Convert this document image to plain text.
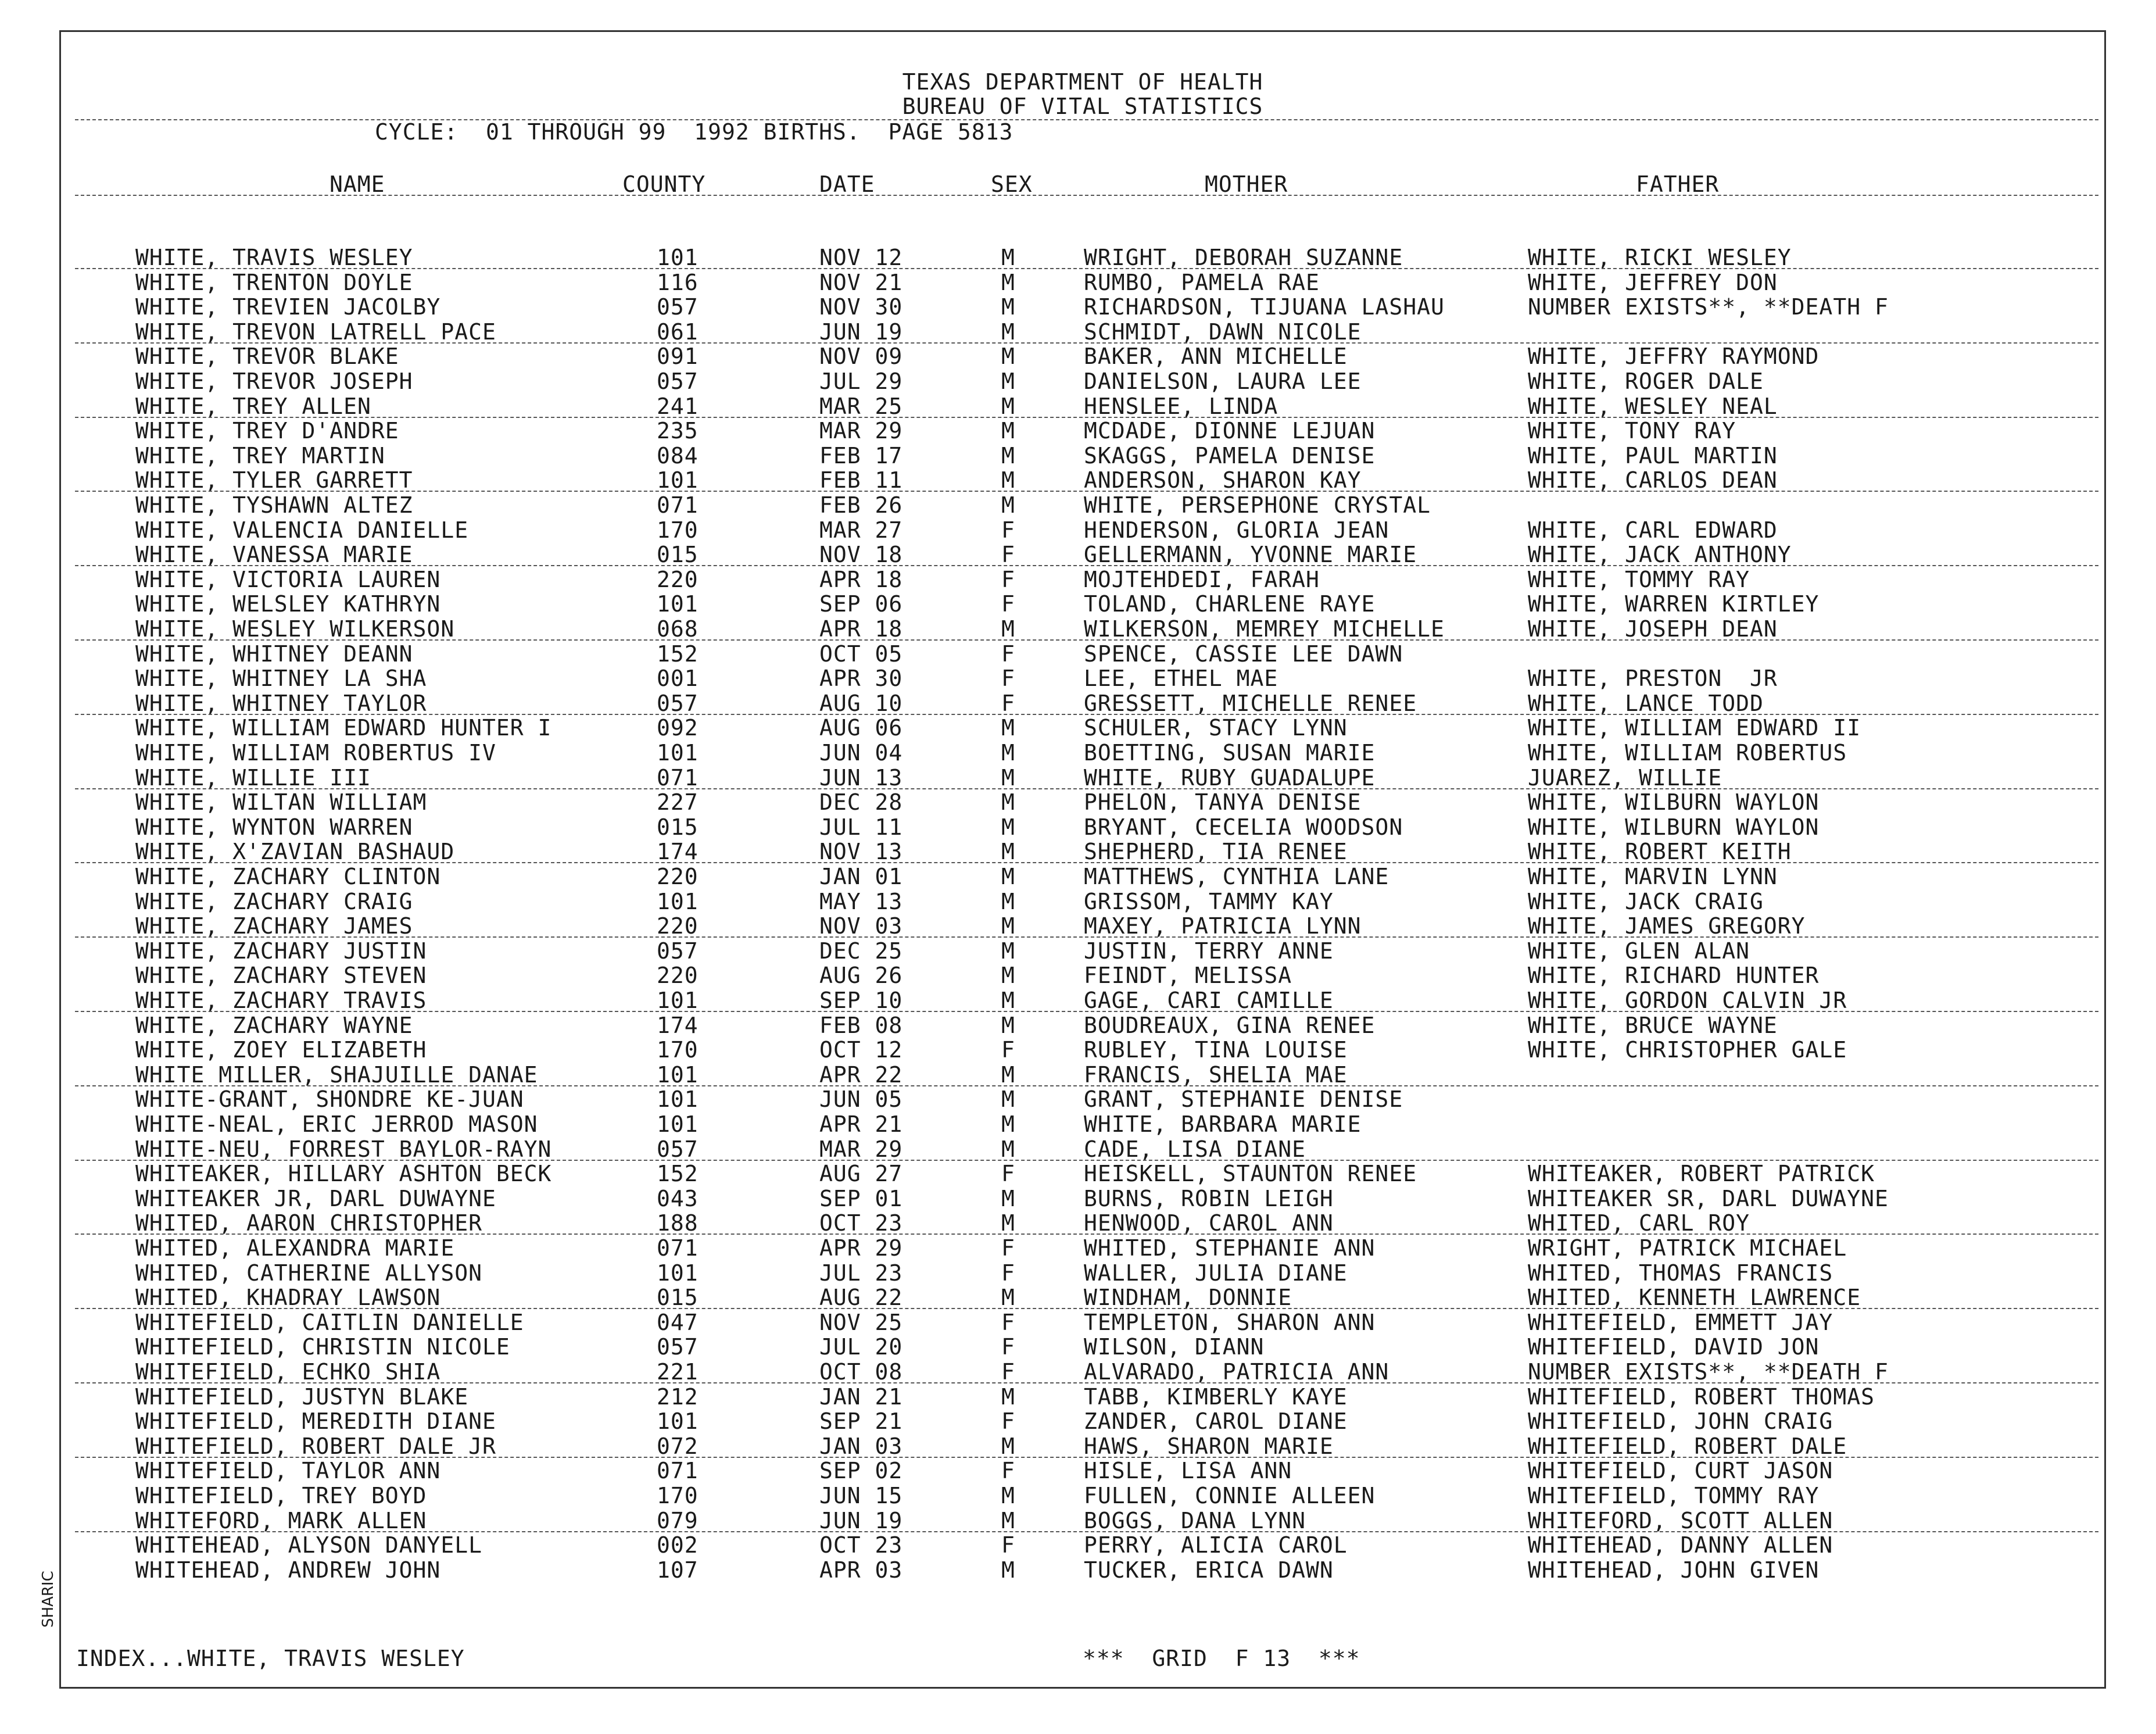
TEXAS DEPARTMENT OF HEALTH
BUREAU OF VITAL STATISTICS
CYCLE:  01 THROUGH 99  1992 BIRTHS.  PAGE 5813
NAME	COUNTY	DATE	SEX	MOTHER	FATHER
WHITE, TRAVIS WESLEY	101	NOV 12	M	WRIGHT, DEBORAH SUZANNE	WHITE, RICKI WESLEY
WHITE, TRENTON DOYLE	116	NOV 21	M	RUMBO, PAMELA RAE	WHITE, JEFFREY DON
WHITE, TREVIEN JACOLBY	057	NOV 30	M	RICHARDSON, TIJUANA LASHAU	NUMBER EXISTS**, **DEATH F
WHITE, TREVON LATRELL PACE	061	JUN 19	M	SCHMIDT, DAWN NICOLE
WHITE, TREVOR BLAKE	091	NOV 09	M	BAKER, ANN MICHELLE	WHITE, JEFFRY RAYMOND
WHITE, TREVOR JOSEPH	057	JUL 29	M	DANIELSON, LAURA LEE	WHITE, ROGER DALE
WHITE, TREY ALLEN	241	MAR 25	M	HENSLEE, LINDA	WHITE, WESLEY NEAL
WHITE, TREY D'ANDRE	235	MAR 29	M	MCDADE, DIONNE LEJUAN	WHITE, TONY RAY
WHITE, TREY MARTIN	084	FEB 17	M	SKAGGS, PAMELA DENISE	WHITE, PAUL MARTIN
WHITE, TYLER GARRETT	101	FEB 11	M	ANDERSON, SHARON KAY	WHITE, CARLOS DEAN
WHITE, TYSHAWN ALTEZ	071	FEB 26	M	WHITE, PERSEPHONE CRYSTAL
WHITE, VALENCIA DANIELLE	170	MAR 27	F	HENDERSON, GLORIA JEAN	WHITE, CARL EDWARD
WHITE, VANESSA MARIE	015	NOV 18	F	GELLERMANN, YVONNE MARIE	WHITE, JACK ANTHONY
WHITE, VICTORIA LAUREN	220	APR 18	F	MOJTEHDEDI, FARAH	WHITE, TOMMY RAY
WHITE, WELSLEY KATHRYN	101	SEP 06	F	TOLAND, CHARLENE RAYE	WHITE, WARREN KIRTLEY
WHITE, WESLEY WILKERSON	068	APR 18	M	WILKERSON, MEMREY MICHELLE	WHITE, JOSEPH DEAN
WHITE, WHITNEY DEANN	152	OCT 05	F	SPENCE, CASSIE LEE DAWN
WHITE, WHITNEY LA SHA	001	APR 30	F	LEE, ETHEL MAE	WHITE, PRESTON  JR
WHITE, WHITNEY TAYLOR	057	AUG 10	F	GRESSETT, MICHELLE RENEE	WHITE, LANCE TODD
WHITE, WILLIAM EDWARD HUNTER I	092	AUG 06	M	SCHULER, STACY LYNN	WHITE, WILLIAM EDWARD II
WHITE, WILLIAM ROBERTUS IV	101	JUN 04	M	BOETTING, SUSAN MARIE	WHITE, WILLIAM ROBERTUS
WHITE, WILLIE III	071	JUN 13	M	WHITE, RUBY GUADALUPE	JUAREZ, WILLIE
WHITE, WILTAN WILLIAM	227	DEC 28	M	PHELON, TANYA DENISE	WHITE, WILBURN WAYLON
WHITE, WYNTON WARREN	015	JUL 11	M	BRYANT, CECELIA WOODSON	WHITE, WILBURN WAYLON
WHITE, X'ZAVIAN BASHAUD	174	NOV 13	M	SHEPHERD, TIA RENEE	WHITE, ROBERT KEITH
WHITE, ZACHARY CLINTON	220	JAN 01	M	MATTHEWS, CYNTHIA LANE	WHITE, MARVIN LYNN
WHITE, ZACHARY CRAIG	101	MAY 13	M	GRISSOM, TAMMY KAY	WHITE, JACK CRAIG
WHITE, ZACHARY JAMES	220	NOV 03	M	MAXEY, PATRICIA LYNN	WHITE, JAMES GREGORY
WHITE, ZACHARY JUSTIN	057	DEC 25	M	JUSTIN, TERRY ANNE	WHITE, GLEN ALAN
WHITE, ZACHARY STEVEN	220	AUG 26	M	FEINDT, MELISSA	WHITE, RICHARD HUNTER
WHITE, ZACHARY TRAVIS	101	SEP 10	M	GAGE, CARI CAMILLE	WHITE, GORDON CALVIN JR
WHITE, ZACHARY WAYNE	174	FEB 08	M	BOUDREAUX, GINA RENEE	WHITE, BRUCE WAYNE
WHITE, ZOEY ELIZABETH	170	OCT 12	F	RUBLEY, TINA LOUISE	WHITE, CHRISTOPHER GALE
WHITE MILLER, SHAJUILLE DANAE	101	APR 22	M	FRANCIS, SHELIA MAE
WHITE-GRANT, SHONDRE KE-JUAN	101	JUN 05	M	GRANT, STEPHANIE DENISE
WHITE-NEAL, ERIC JERROD MASON	101	APR 21	M	WHITE, BARBARA MARIE
WHITE-NEU, FORREST BAYLOR-RAYN	057	MAR 29	M	CADE, LISA DIANE
WHITEAKER, HILLARY ASHTON BECK	152	AUG 27	F	HEISKELL, STAUNTON RENEE	WHITEAKER, ROBERT PATRICK
WHITEAKER JR, DARL DUWAYNE	043	SEP 01	M	BURNS, ROBIN LEIGH	WHITEAKER SR, DARL DUWAYNE
WHITED, AARON CHRISTOPHER	188	OCT 23	M	HENWOOD, CAROL ANN	WHITED, CARL ROY
WHITED, ALEXANDRA MARIE	071	APR 29	F	WHITED, STEPHANIE ANN	WRIGHT, PATRICK MICHAEL
WHITED, CATHERINE ALLYSON	101	JUL 23	F	WALLER, JULIA DIANE	WHITED, THOMAS FRANCIS
WHITED, KHADRAY LAWSON	015	AUG 22	M	WINDHAM, DONNIE	WHITED, KENNETH LAWRENCE
WHITEFIELD, CAITLIN DANIELLE	047	NOV 25	F	TEMPLETON, SHARON ANN	WHITEFIELD, EMMETT JAY
WHITEFIELD, CHRISTIN NICOLE	057	JUL 20	F	WILSON, DIANN	WHITEFIELD, DAVID JON
WHITEFIELD, ECHKO SHIA	221	OCT 08	F	ALVARADO, PATRICIA ANN	NUMBER EXISTS**, **DEATH F
WHITEFIELD, JUSTYN BLAKE	212	JAN 21	M	TABB, KIMBERLY KAYE	WHITEFIELD, ROBERT THOMAS
WHITEFIELD, MEREDITH DIANE	101	SEP 21	F	ZANDER, CAROL DIANE	WHITEFIELD, JOHN CRAIG
WHITEFIELD, ROBERT DALE JR	072	JAN 03	M	HAWS, SHARON MARIE	WHITEFIELD, ROBERT DALE
WHITEFIELD, TAYLOR ANN	071	SEP 02	F	HISLE, LISA ANN	WHITEFIELD, CURT JASON
WHITEFIELD, TREY BOYD	170	JUN 15	M	FULLEN, CONNIE ALLEEN	WHITEFIELD, TOMMY RAY
WHITEFORD, MARK ALLEN	079	JUN 19	M	BOGGS, DANA LYNN	WHITEFORD, SCOTT ALLEN
WHITEHEAD, ALYSON DANYELL	002	OCT 23	F	PERRY, ALICIA CAROL	WHITEHEAD, DANNY ALLEN
WHITEHEAD, ANDREW JOHN	107	APR 03	M	TUCKER, ERICA DAWN	WHITEHEAD, JOHN GIVEN
INDEX...WHITE, TRAVIS WESLEY	***  GRID  F 13  ***
SHARIC
